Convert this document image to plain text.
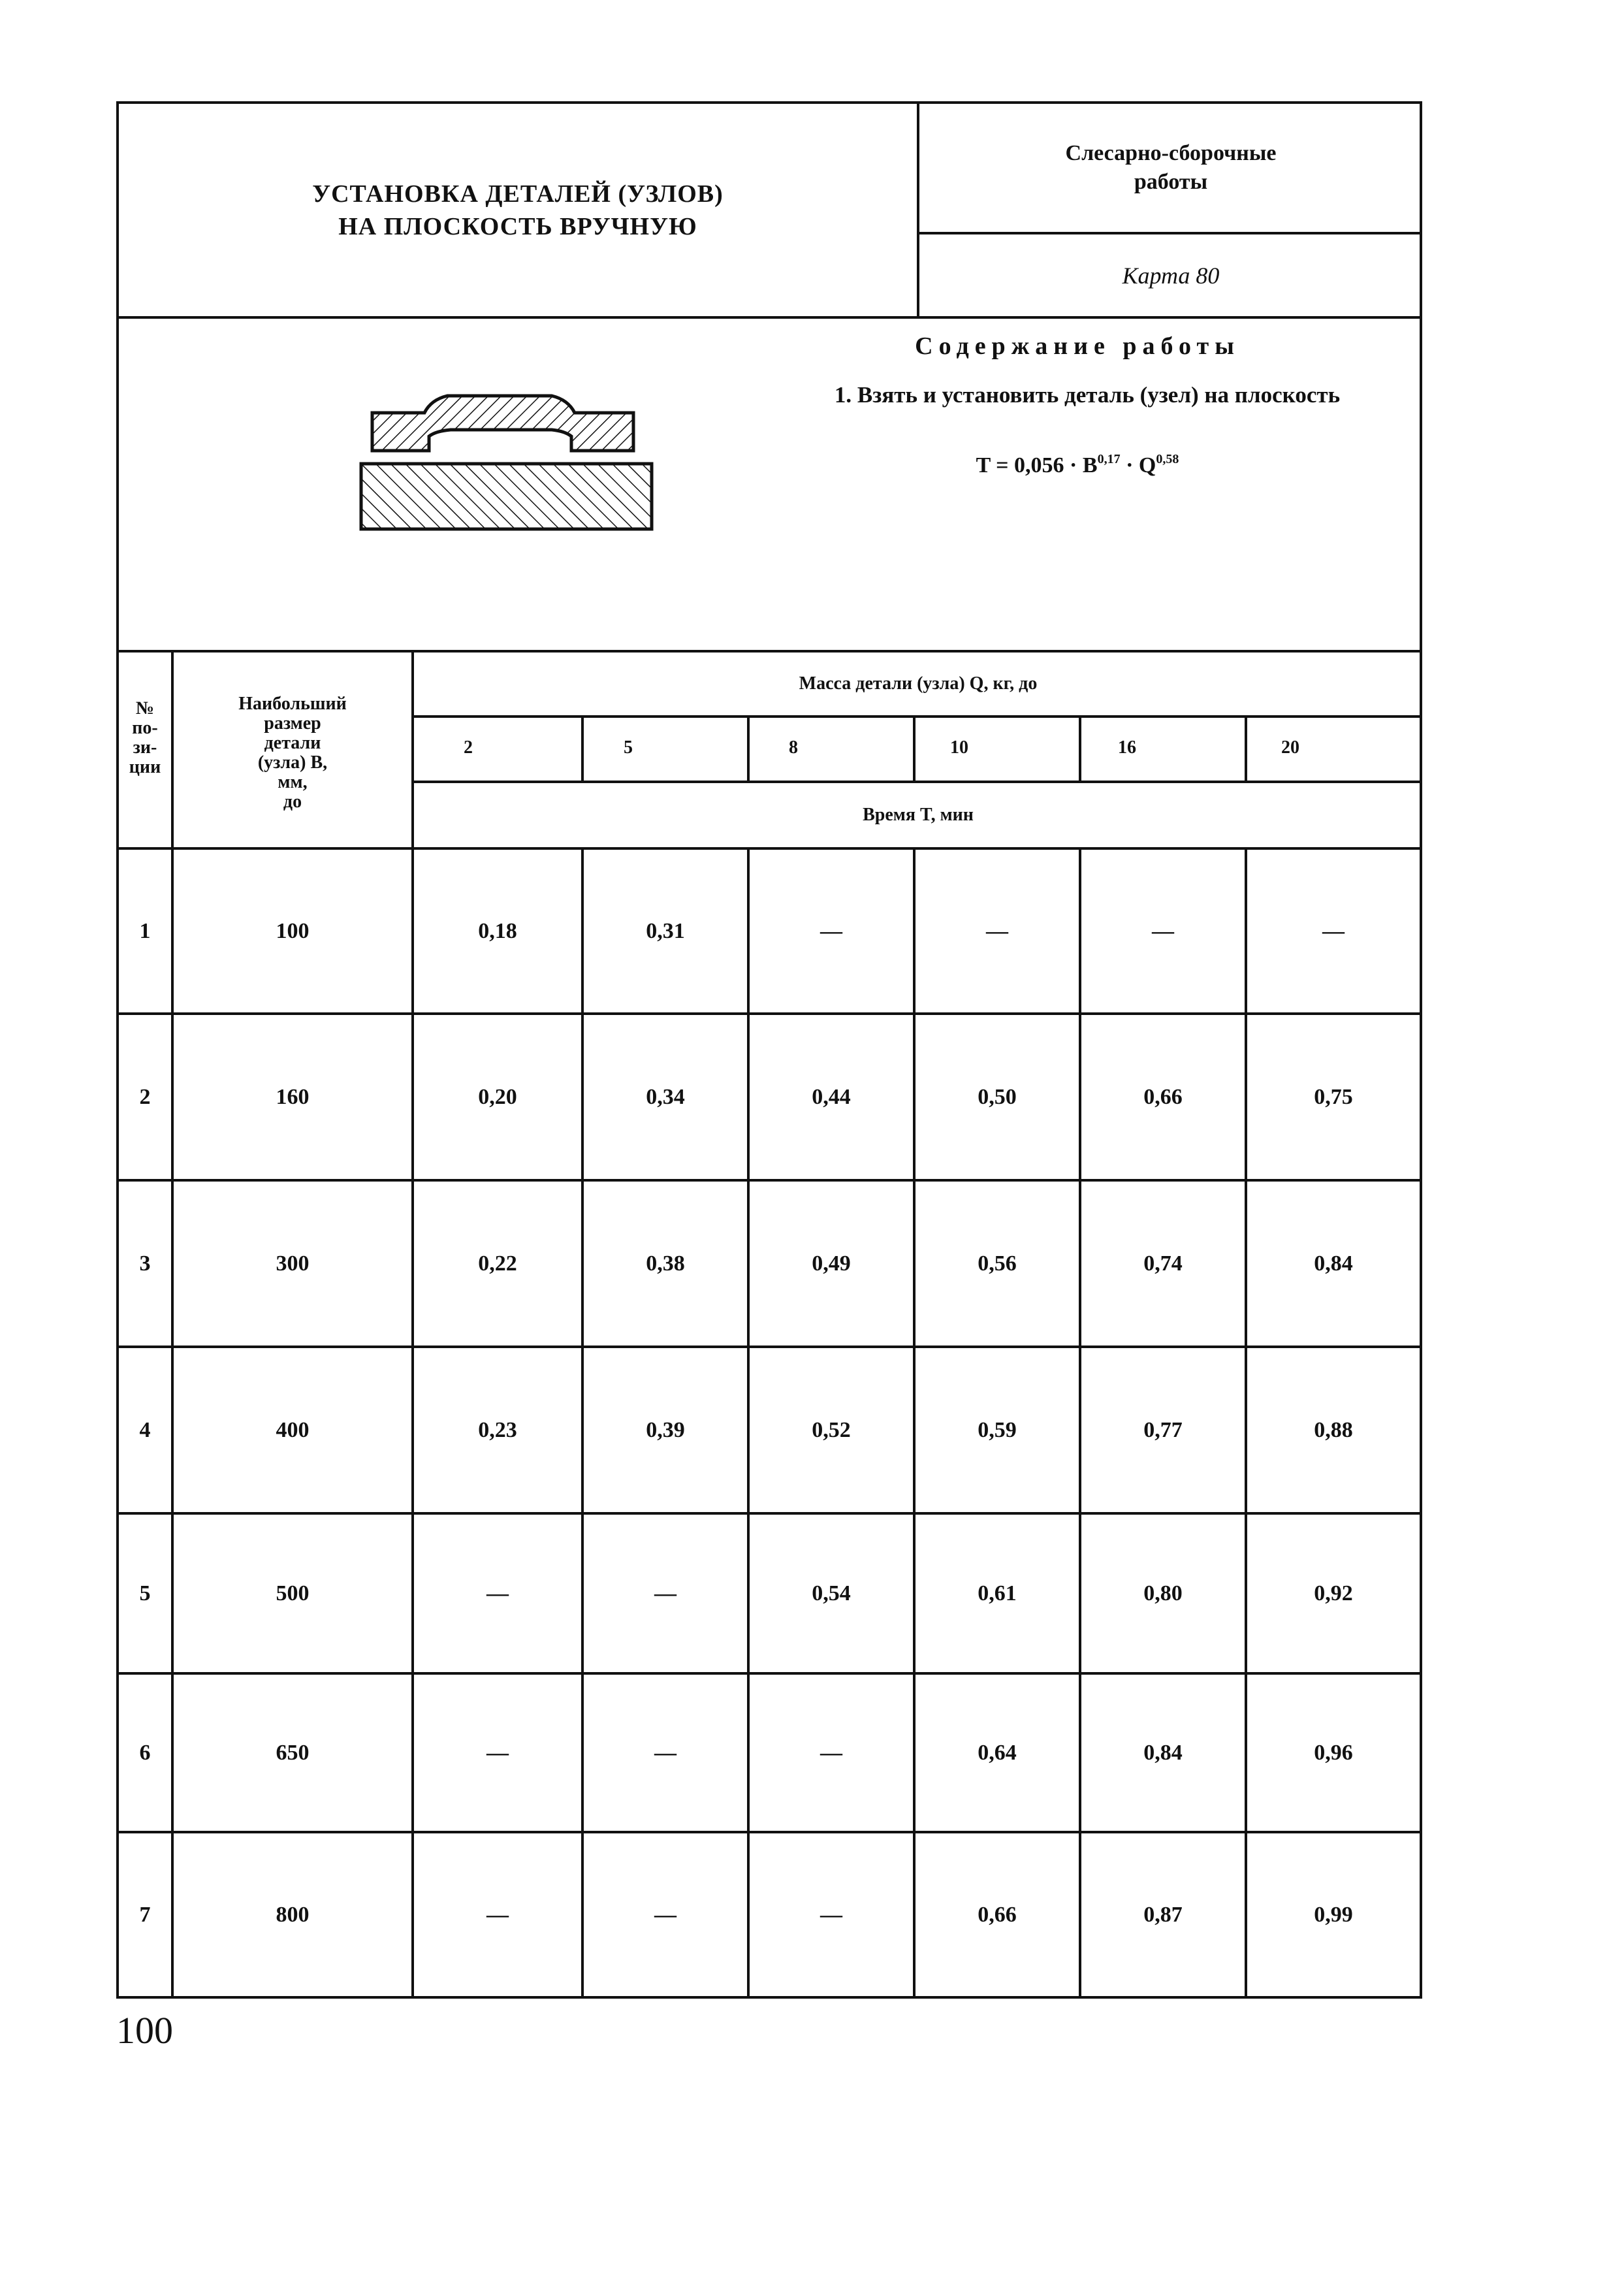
УСТАНОВКА ДЕТАЛЕЙ (УЗЛОВ)
НА ПЛОСКОСТЬ ВРУЧНУЮ
Слесарно-сборочные
работы
Карта 80
Содержание работы
1. Взять и установить деталь (узел) на плоскость
T = 0,056 · B$^{0,17}$ · Q$^{0,58}$
№
по-
зи-
ции
Наибольший
размер
детали
(узла) B,
мм,
до
Масса детали (узла) Q, кг, до
Время T, мин
2	5	8	10	16	20
1	100	0,18	0,31	—	—	—	—
2	160	0,20	0,34	0,44	0,50	0,66	0,75
3	300	0,22	0,38	0,49	0,56	0,74	0,84
4	400	0,23	0,39	0,52	0,59	0,77	0,88
5	500	—	—	0,54	0,61	0,80	0,92
6	650	—	—	—	0,64	0,84	0,96
7	800	—	—	—	0,66	0,87	0,99
100
